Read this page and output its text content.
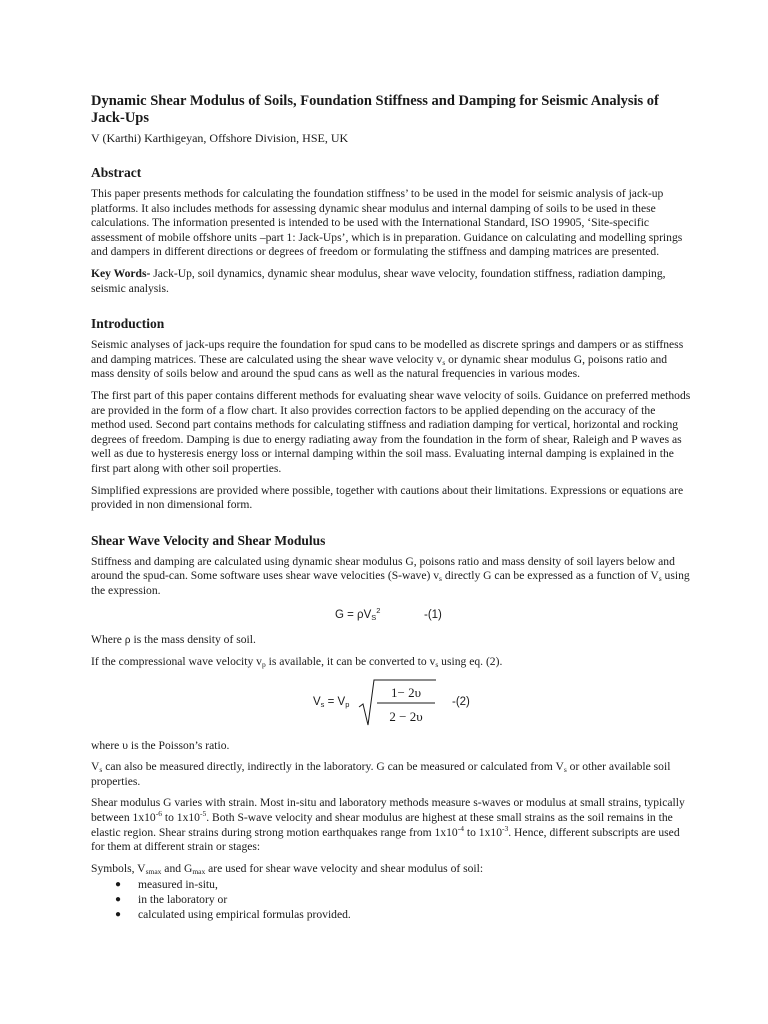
Dynamic Shear Modulus of Soils, Foundation Stiffness and Damping for Seismic Analysis of Jack-Ups
V (Karthi) Karthigeyan, Offshore Division, HSE, UK
Abstract

This paper presents methods for calculating the foundation stiffness’ to be used in the model for seismic analysis of jack-up platforms. It also includes methods for assessing dynamic shear modulus and internal damping of soils to be used in these calculations. The information presented is intended to be used with the International Standard, ISO 19905, ‘Site-specific assessment of mobile offshore units –part 1: Jack-Ups’, which is in preparation. Guidance on calculating and modelling springs and dampers in different directions or degrees of freedom or formulating the stiffness and damping matrices are presented.

Key Words- Jack-Up, soil dynamics, dynamic shear modulus, shear wave velocity, foundation stiffness, radiation damping, seismic analysis.

Introduction

Seismic analyses of jack-ups require the foundation for spud cans to be modelled as discrete springs and dampers or as stiffness and damping matrices. These are calculated using the shear wave velocity $v_s$ or dynamic shear modulus G, poisons ratio and mass density of soils below and around the spud cans as well as the natural frequencies in various modes.

The first part of this paper contains different methods for evaluating shear wave velocity of soils. Guidance on preferred methods are provided in the form of a flow chart. It also provides correction factors to be applied depending on the accuracy of the method used. Second part contains methods for calculating stiffness and radiation damping for vertical, horizontal and rocking degrees of freedom. Damping is due to energy radiating away from the foundation in the form of shear, Raleigh and P waves as well as due to hysteresis energy loss or internal damping within the soil mass. Evaluating internal damping is explained in the first part along with other soil properties.

Simplified expressions are provided where possible, together with cautions about their limitations. Expressions or equations are provided in non dimensional form.

Shear Wave Velocity and Shear Modulus

Stiffness and damping are calculated using dynamic shear modulus G, poisons ratio and mass density of soil layers below and around the spud-can. Some software uses shear wave velocities (S-wave) $v_s$ directly G can be expressed as a function of $V_s$ using the expression.

$G = \rho V_S^2$	-(1)

Where ρ is the mass density of soil.

If the compressional wave velocity $v_p$ is available, it can be converted to $v_s$ using eq. (2).

$V_s = V_p$
1− 2υ
2 − 2υ
-(2)

where υ is the Poisson’s ratio.

$V_s$ can also be measured directly, indirectly in the laboratory. G can be measured or calculated from $V_s$ or other available soil properties.

Shear modulus G varies with strain. Most in-situ and laboratory methods measure s-waves or modulus at small strains, typically between $1x10^{-6}$ to $1x10^{-5}$. Both S-wave velocity and shear modulus are highest at these small strains as the soil remains in the elastic region. Shear strains during strong motion earthquakes range from $1x10^{-4}$ to $1x10^{-3}$. Hence, different subscripts are used for them at different strain or stages:

Symbols, $V_{smax}$ and $G_{max}$ are used for shear wave velocity and shear modulus of soil:

● measured in-situ,
● in the laboratory or
● calculated using empirical formulas provided.
